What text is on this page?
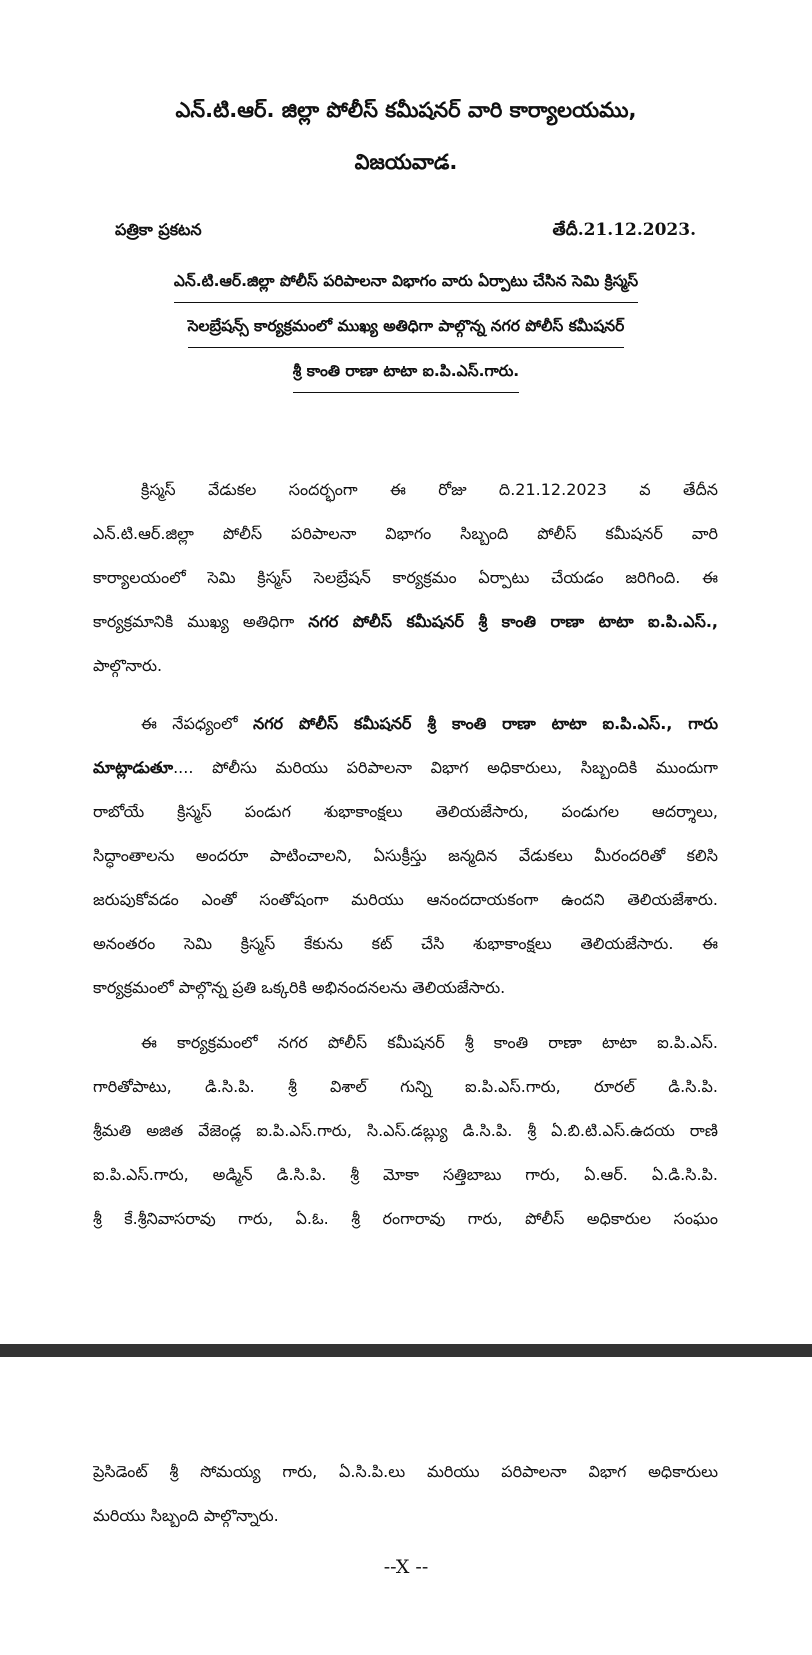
ఎన్.టి.ఆర్. జిల్లా పోలీస్ కమీషనర్ వారి కార్యాలయము,
విజయవాడ.
పత్రికా ప్రకటన	తేదీ.21.12.2023.
ఎన్.టి.ఆర్.జిల్లా పోలీస్ పరిపాలనా విభాగం వారు ఏర్పాటు చేసిన సెమి క్రిస్మస్
సెలబ్రేషన్స్ కార్యక్రమంలో ముఖ్య అతిధిగా పాల్గొన్న నగర పోలీస్ కమీషనర్
శ్రీ కాంతి రాణా టాటా ఐ.పి.ఎస్.గారు.
క్రిస్మస్ వేడుకల సందర్భంగా ఈ రోజు ది.21.12.2023 వ తేదీన
ఎన్.టి.ఆర్.జిల్లా పోలీస్ పరిపాలనా విభాగం సిబ్బంది పోలీస్ కమీషనర్ వారి
కార్యాలయంలో సెమి క్రిస్మస్ సెలబ్రేషన్ కార్యక్రమం ఏర్పాటు చేయడం జరిగింది. ఈ
కార్యక్రమానికి ముఖ్య అతిధిగా నగర పోలీస్ కమీషనర్ శ్రీ కాంతి రాణా టాటా ఐ.పి.ఎస్.,
పాల్గొనారు.
ఈ నేపధ్యంలో నగర పోలీస్ కమీషనర్ శ్రీ కాంతి రాణా టాటా ఐ.పి.ఎస్., గారు
మాట్లాడుతూ.... పోలీసు మరియు పరిపాలనా విభాగ అధికారులు, సిబ్బందికి ముందుగా
రాబోయే క్రిస్మస్ పండుగ శుభాకాంక్షలు తెలియజేసారు, పండుగల ఆదర్శాలు,
సిద్ధాంతాలను అందరూ పాటించాలని, ఏసుక్రీస్తు జన్మదిన వేడుకలు మీరందరితో కలిసి
జరుపుకోవడం ఎంతో సంతోషంగా మరియు ఆనందదాయకంగా ఉందని తెలియజేశారు.
అనంతరం సెమి క్రిస్మస్ కేకును కట్ చేసి శుభాకాంక్షలు తెలియజేసారు. ఈ
కార్యక్రమంలో పాల్గొన్న ప్రతి ఒక్కరికి అభినందనలను తెలియజేసారు.
ఈ కార్యక్రమంలో నగర పోలీస్ కమీషనర్ శ్రీ కాంతి రాణా టాటా ఐ.పి.ఎస్.
గారితోపాటు, డి.సి.పి. శ్రీ విశాల్ గున్ని ఐ.పి.ఎస్.గారు, రూరల్ డి.సి.పి.
శ్రీమతి అజిత వేజెండ్ల ఐ.పి.ఎస్.గారు, సి.ఎస్.డబ్ల్యు డి.సి.పి. శ్రీ ఏ.బి.టి.ఎస్.ఉదయ రాణి
ఐ.పి.ఎస్.గారు, అడ్మిన్ డి.సి.పి. శ్రీ మోకా సత్తిబాబు గారు, ఏ.ఆర్. ఏ.డి.సి.పి.
శ్రీ కే.శ్రీనివాసరావు గారు, ఏ.ఓ. శ్రీ రంగారావు గారు, పోలీస్ అధికారుల సంఘం
ప్రెసిడెంట్ శ్రీ సోమయ్య గారు, ఏ.సి.పి.లు మరియు పరిపాలనా విభాగ అధికారులు
మరియు సిబ్బంది పాల్గొన్నారు.
--X --
